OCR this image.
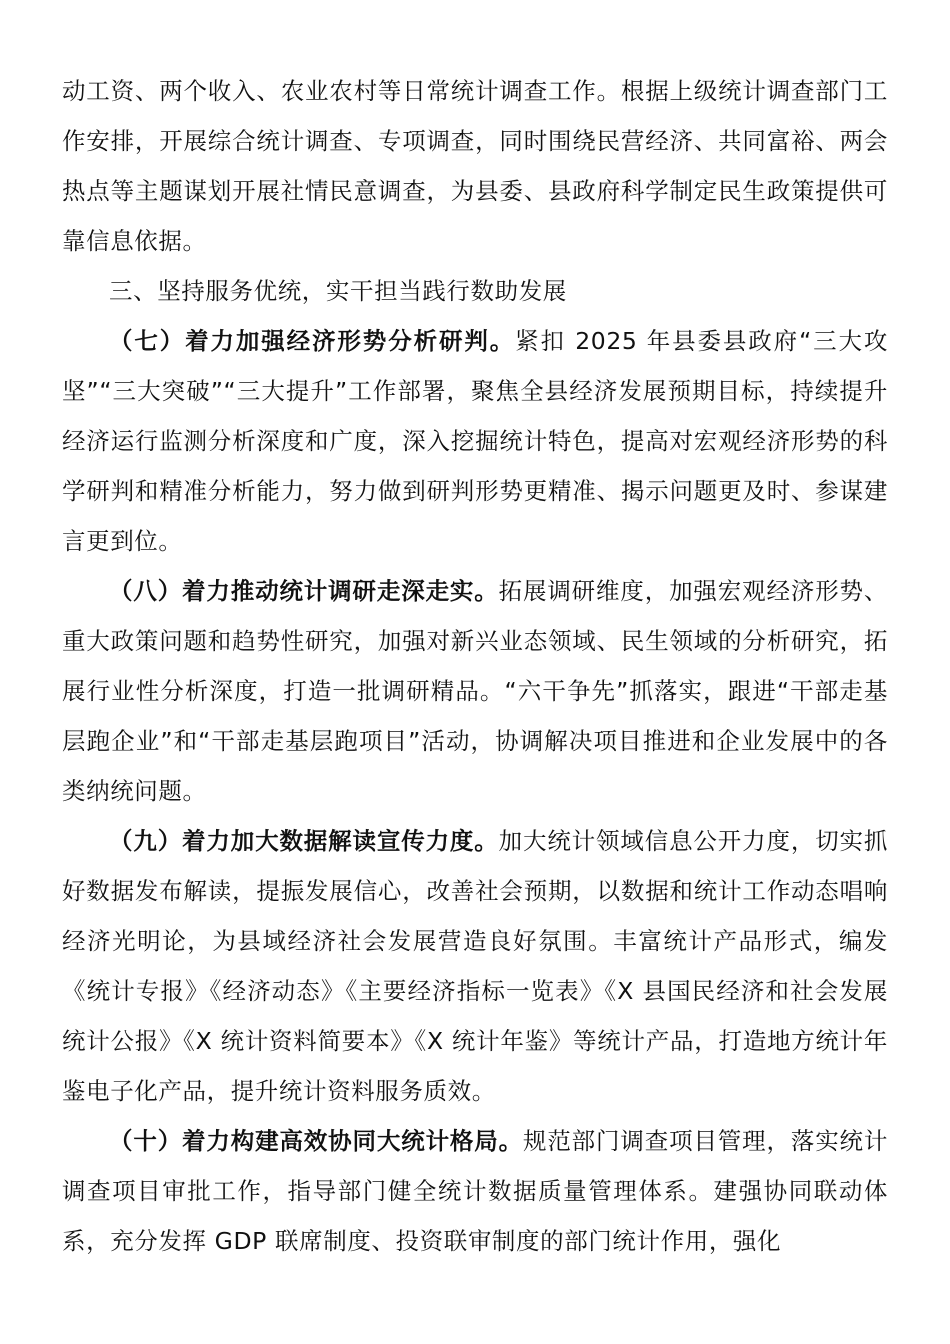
动工资、两个收入、农业农村等日常统计调查工作。根据上级统计调查部门工作安排，开展综合统计调查、专项调查，同时围绕民营经济、共同富裕、两会热点等主题谋划开展社情民意调查，为县委、县政府科学制定民生政策提供可靠信息依据。

三、坚持服务优统，实干担当践行数助发展

（七）着力加强经济形势分析研判。紧扣 2025 年县委县政府“三大攻坚”“三大突破”“三大提升”工作部署，聚焦全县经济发展预期目标，持续提升经济运行监测分析深度和广度，深入挖掘统计特色，提高对宏观经济形势的科学研判和精准分析能力，努力做到研判形势更精准、揭示问题更及时、参谋建言更到位。

（八）着力推动统计调研走深走实。拓展调研维度，加强宏观经济形势、重大政策问题和趋势性研究，加强对新兴业态领域、民生领域的分析研究，拓展行业性分析深度，打造一批调研精品。“六干争先”抓落实，跟进“干部走基层跑企业”和“干部走基层跑项目”活动，协调解决项目推进和企业发展中的各类纳统问题。

（九）着力加大数据解读宣传力度。加大统计领域信息公开力度，切实抓好数据发布解读，提振发展信心，改善社会预期，以数据和统计工作动态唱响经济光明论，为县域经济社会发展营造良好氛围。丰富统计产品形式，编发《统计专报》《经济动态》《主要经济指标一览表》《X 县国民经济和社会发展统计公报》《X 统计资料简要本》《X 统计年鉴》等统计产品，打造地方统计年鉴电子化产品，提升统计资料服务质效。

（十）着力构建高效协同大统计格局。规范部门调查项目管理，落实统计调查项目审批工作，指导部门健全统计数据质量管理体系。建强协同联动体系，充分发挥 GDP 联席制度、投资联审制度的部门统计作用，强化
